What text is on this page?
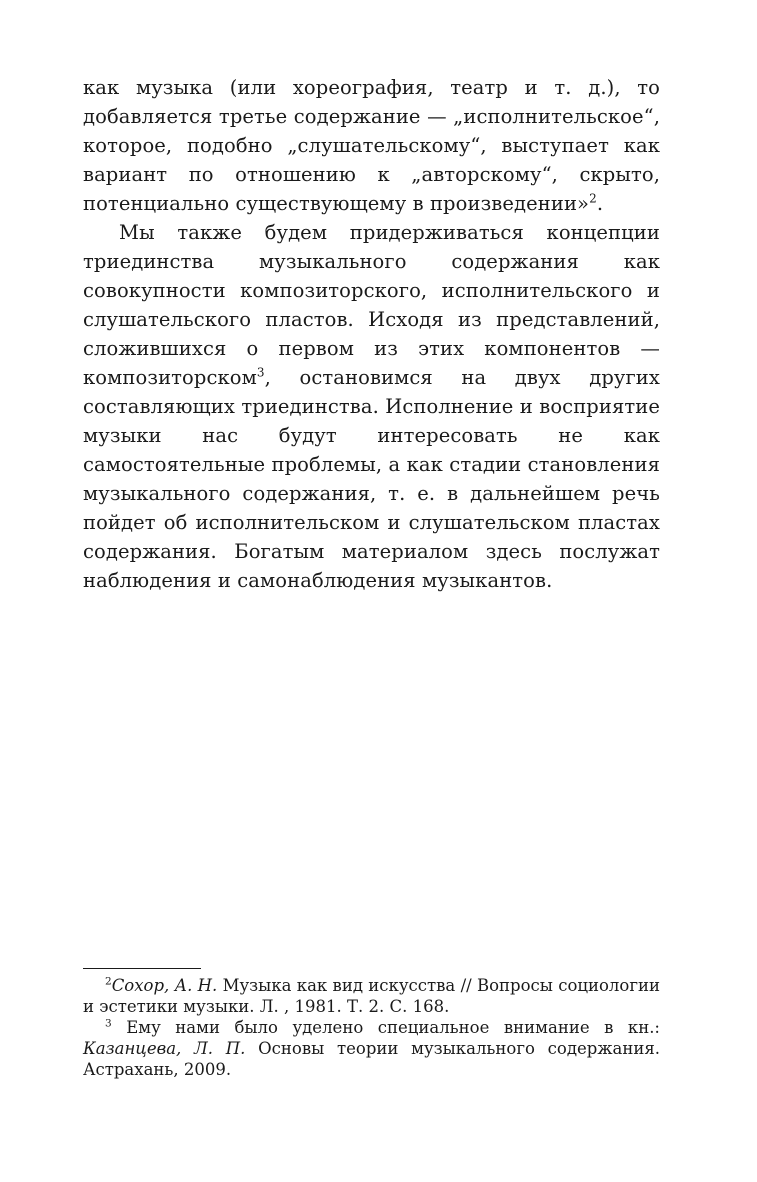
как музыка (или хореография, театр и т. д.), то добавляется третье содержание — „исполнительское“, которое, подобно „слушательскому“, выступает как вариант по отношению к „авторскому“, скрыто, потенциально существующему в произведении»$^2$.

Мы также будем придерживаться концепции триединства музыкального содержания как совокупности композиторского, исполнительского и слушательского пластов. Исходя из представлений, сложившихся о первом из этих компонентов — композиторском$^3$, остановимся на двух других составляющих триединства. Исполнение и восприятие музыки нас будут интересовать не как самостоятельные проблемы, а как стадии становления музыкального содержания, т. е. в дальнейшем речь пойдет об исполнительском и слушательском пластах содержания. Богатым материалом здесь послужат наблюдения и самонаблюдения музыкантов.

$^2$Сохор, А. Н. Музыка как вид искусства // Вопросы социологии и эстетики музыки. Л. , 1981. Т. 2. С. 168.

$^3$ Ему нами было уделено специальное внимание в кн.: Казанцева, Л. П. Основы теории музыкального содержания. Астрахань, 2009.
